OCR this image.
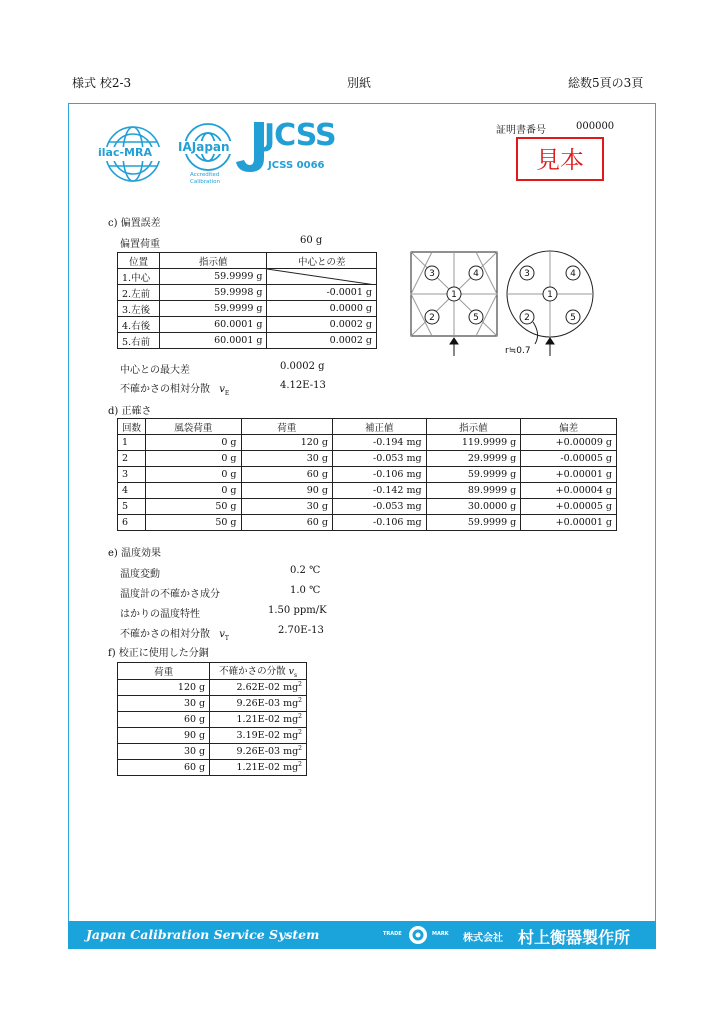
様式 校2-3	別紙	総数5頁の3頁
ilac-MRA IAJapan
Accredited
Calibration
JCSS
JCSS 0066
証明書番号	000000
見本
c) 偏置誤差
偏置荷重	60 g
位置	指示値	中心との差
1.中心	59.9999 g	

2.左前	59.9998 g	-0.0001 g
3.左後	59.9999 g	0.0000 g
4.右後	60.0001 g	0.0002 g
5.右前	60.0001 g	0.0002 g
1
2
3	4
5
1
2
3	4
5
r≒0.7
中心との最大差	0.0002 g
不確かさの相対分散 $v_E$
4.12E-13
d) 正確さ
回数	風袋荷重	荷重	補正値	指示値	偏差
1	0 g	120 g	-0.194 mg	119.9999 g	+0.00009 g
2	0 g	30 g	-0.053 mg	29.9999 g	-0.00005 g
3	0 g	60 g	-0.106 mg	59.9999 g	+0.00001 g
4	0 g	90 g	-0.142 mg	89.9999 g	+0.00004 g
5	50 g	30 g	-0.053 mg	30.0000 g	+0.00005 g
6	50 g	60 g	-0.106 mg	59.9999 g	+0.00001 g
e) 温度効果
温度変動	0.2 ℃
温度計の不確かさ成分	1.0 ℃
はかりの温度特性	1.50 ppm/K
不確かさの相対分散 $v_T$
2.70E-13
f) 校正に使用した分銅
荷重	不確かさの分散 $v_s$
120 g	2.62E-02 $mg^2$
30 g	9.26E-03 $mg^2$
60 g	1.21E-02 $mg^2$
90 g	3.19E-02 $mg^2$
30 g	9.26E-03 $mg^2$
60 g	1.21E-02 $mg^2$
Japan Calibration Service System	TRADE	MARK 株式会社 村上衡器製作所
